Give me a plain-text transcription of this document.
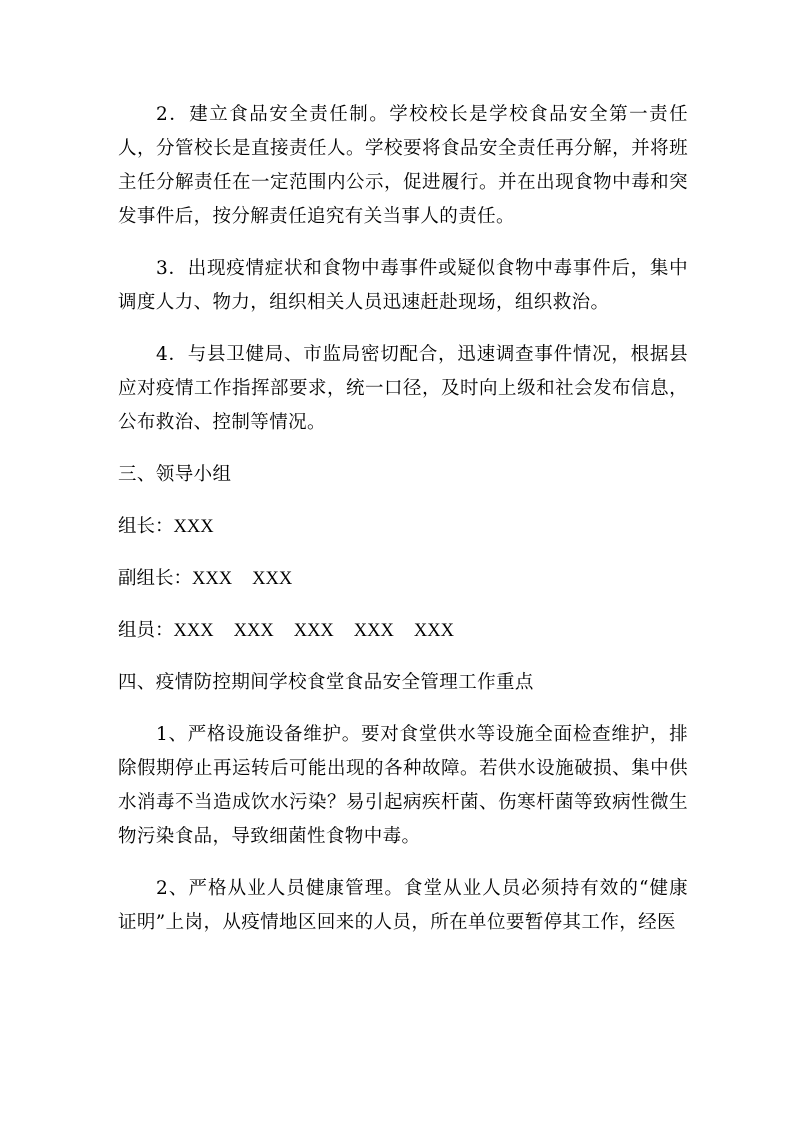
2．建立食品安全责任制。学校校长是学校食品安全第一责任人，分管校长是直接责任人。学校要将食品安全责任再分解，并将班主任分解责任在一定范围内公示，促进履行。并在出现食物中毒和突发事件后，按分解责任追究有关当事人的责任。

3．出现疫情症状和食物中毒事件或疑似食物中毒事件后，集中调度人力、物力，组织相关人员迅速赶赴现场，组织救治。

4．与县卫健局、市监局密切配合，迅速调查事件情况，根据县应对疫情工作指挥部要求，统一口径，及时向上级和社会发布信息，公布救治、控制等情况。

三、领导小组

组长：XXX

副组长：XXX XXX

组员：XXX XXX XXX XXX XXX

四、疫情防控期间学校食堂食品安全管理工作重点

1、严格设施设备维护。要对食堂供水等设施全面检查维护，排除假期停止再运转后可能出现的各种故障。若供水设施破损、集中供水消毒不当造成饮水污染？易引起病疾杆菌、伤寒杆菌等致病性微生物污染食品，导致细菌性食物中毒。

2、严格从业人员健康管理。食堂从业人员必须持有效的“健康证明”上岗，从疫情地区回来的人员，所在单位要暂停其工作，经医
